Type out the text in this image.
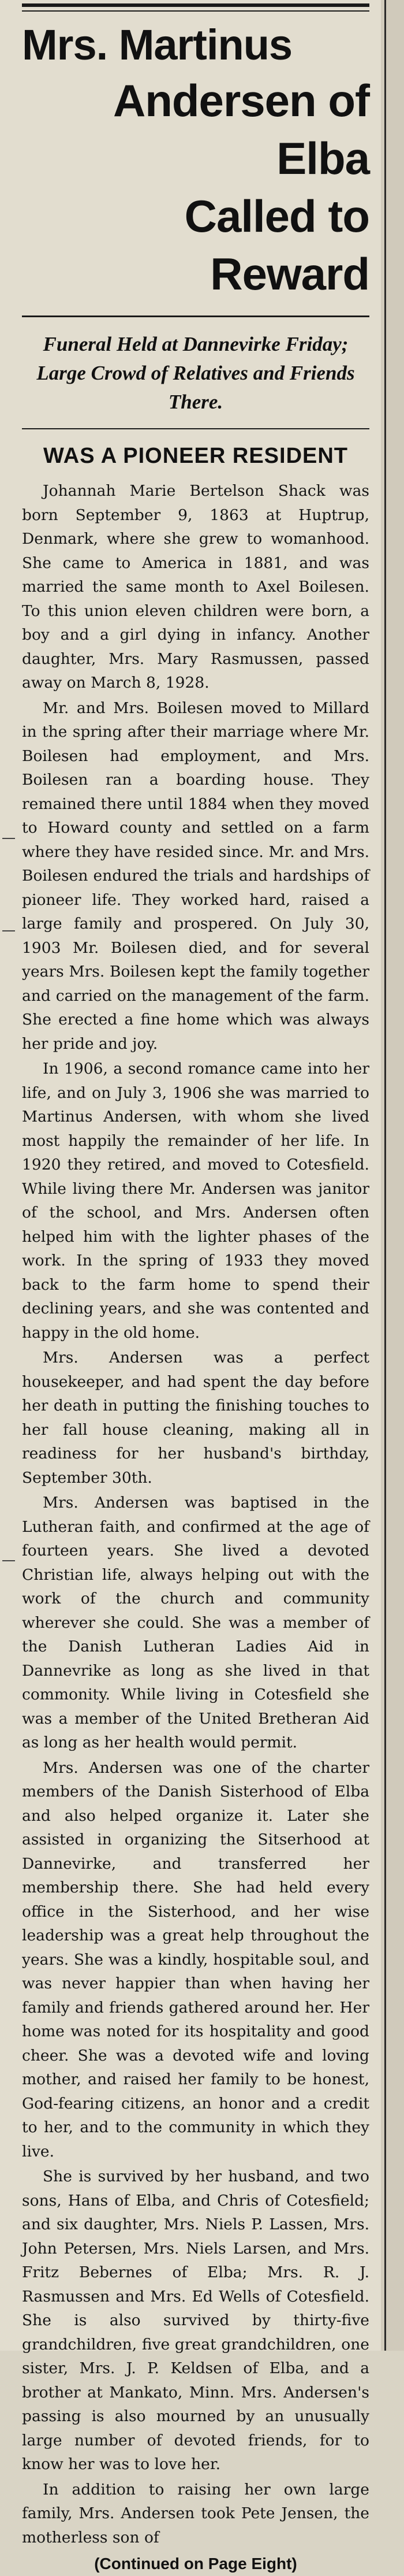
Mrs. Martinus
Andersen of Elba
Called to Reward
Funeral Held at Dannevirke Friday; Large Crowd of Relatives and Friends There.
WAS A PIONEER RESIDENT

Johannah Marie Bertelson Shack was born September 9, 1863 at Huptrup, Denmark, where she grew to womanhood. She came to America in 1881, and was married the same month to Axel Boilesen. To this union eleven children were born, a boy and a girl dying in infancy. Another daughter, Mrs. Mary Rasmussen, passed away on March 8, 1928.

Mr. and Mrs. Boilesen moved to Millard in the spring after their marriage where Mr. Boilesen had employment, and Mrs. Boilesen ran a boarding house. They remained there until 1884 when they moved to Howard county and settled on a farm where they have resided since. Mr. and Mrs. Boilesen endured the trials and hardships of pioneer life. They worked hard, raised a large family and prospered. On July 30, 1903 Mr. Boilesen died, and for several years Mrs. Boilesen kept the family together and carried on the management of the farm. She erected a fine home which was always her pride and joy.

In 1906, a second romance came into her life, and on July 3, 1906 she was married to Martinus Andersen, with whom she lived most happily the remainder of her life. In 1920 they retired, and moved to Cotesfield. While living there Mr. Andersen was janitor of the school, and Mrs. Andersen often helped him with the lighter phases of the work. In the spring of 1933 they moved back to the farm home to spend their declining years, and she was contented and happy in the old home.

Mrs. Andersen was a perfect housekeeper, and had spent the day before her death in putting the finishing touches to her fall house cleaning, making all in readiness for her husband's birthday, September 30th.

Mrs. Andersen was baptised in the Lutheran faith, and confirmed at the age of fourteen years. She lived a devoted Christian life, always helping out with the work of the church and community wherever she could. She was a member of the Danish Lutheran Ladies Aid in Dannevrike as long as she lived in that commonity. While living in Cotesfield she was a member of the United Bretheran Aid as long as her health would permit.

Mrs. Andersen was one of the charter members of the Danish Sisterhood of Elba and also helped organize it. Later she assisted in organizing the Sitserhood at Dannevirke, and transferred her membership there. She had held every office in the Sisterhood, and her wise leadership was a great help throughout the years. She was a kindly, hospitable soul, and was never happier than when having her family and friends gathered around her. Her home was noted for its hospitality and good cheer. She was a devoted wife and loving mother, and raised her family to be honest, God-fearing citizens, an honor and a credit to her, and to the community in which they live.

She is survived by her husband, and two sons, Hans of Elba, and Chris of Cotesfield; and six daughter, Mrs. Niels P. Lassen, Mrs. John Petersen, Mrs. Niels Larsen, and Mrs. Fritz Bebernes of Elba; Mrs. R. J. Rasmussen and Mrs. Ed Wells of Cotesfield. She is also survived by thirty-five grandchildren, five great grandchildren, one sister, Mrs. J. P. Keldsen of Elba, and a brother at Mankato, Minn. Mrs. Andersen's passing is also mourned by an unusually large number of devoted friends, for to know her was to love her.

In addition to raising her own large family, Mrs. Andersen took Pete Jensen, the motherless son of

(Continued on Page Eight)
